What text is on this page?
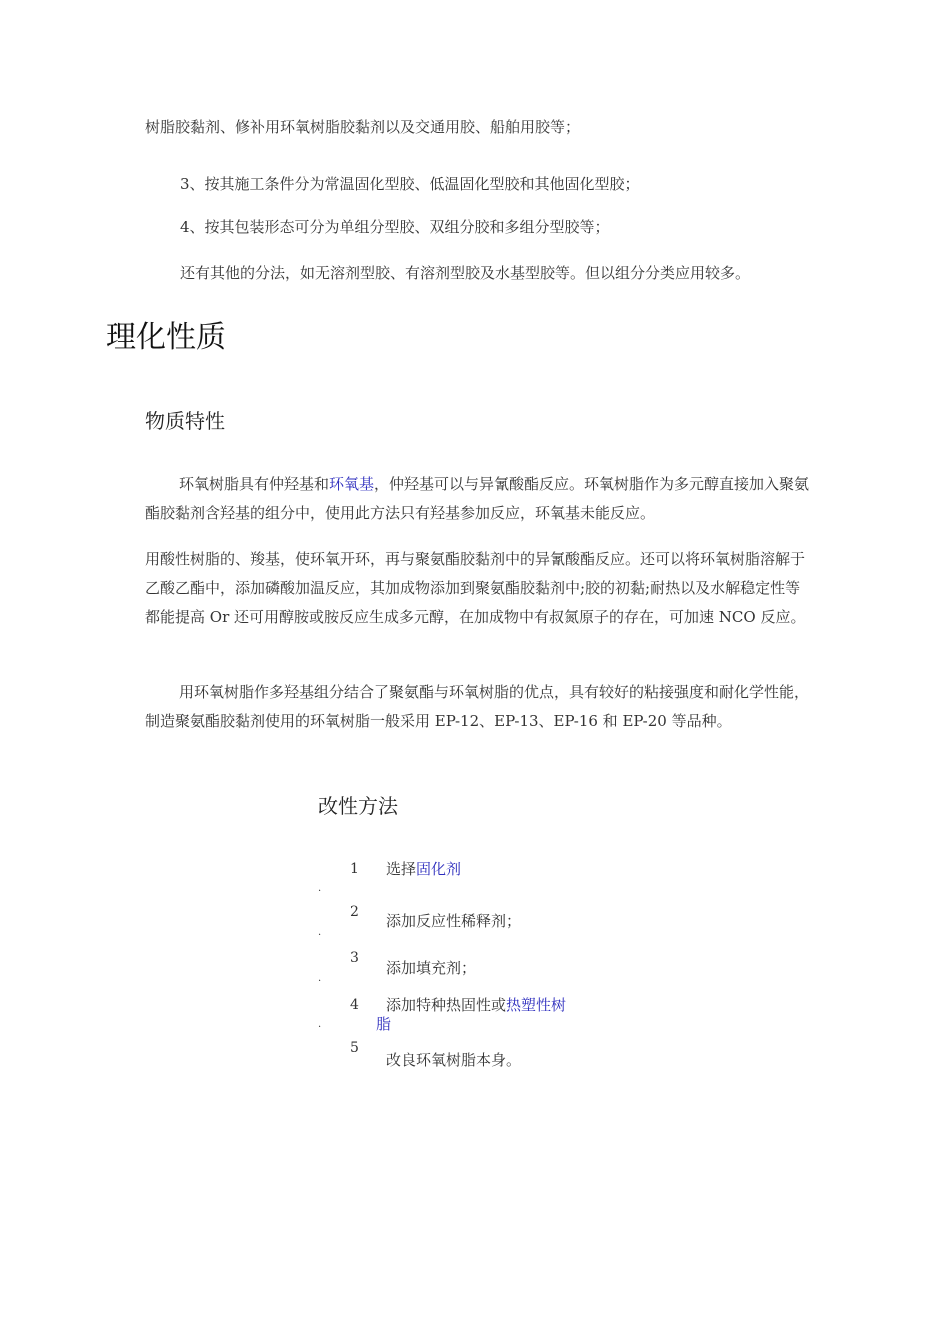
树脂胶黏剂、修补用环氧树脂胶黏剂以及交通用胶、船舶用胶等；
3、按其施工条件分为常温固化型胶、低温固化型胶和其他固化型胶；
4、按其包装形态可分为单组分型胶、双组分胶和多组分型胶等；
还有其他的分法，如无溶剂型胶、有溶剂型胶及水基型胶等。但以组分分类应用较多。
理化性质
物质特性
环氧树脂具有仲羟基和环氧基，仲羟基可以与异氰酸酯反应。环氧树脂作为多元醇直接加入聚氨酯胶黏剂含羟基的组分中，使用此方法只有羟基参加反应，环氧基未能反应。
用酸性树脂的、羧基，使环氧开环，再与聚氨酯胶黏剂中的异氰酸酯反应。还可以将环氧树脂溶解于乙酸乙酯中，添加磷酸加温反应，其加成物添加到聚氨酯胶黏剂中;胶的初黏;耐热以及水解稳定性等都能提高 Or 还可用醇胺或胺反应生成多元醇，在加成物中有叔氮原子的存在，可加速 NCO 反应。
用环氧树脂作多羟基组分结合了聚氨酯与环氧树脂的优点，具有较好的粘接强度和耐化学性能，制造聚氨酯胶黏剂使用的环氧树脂一般采用 EP-12、EP-13、EP-16 和 EP-20 等品种。
改性方法
1
.
选择固化剂
2
.
添加反应性稀释剂；
3
.
添加填充剂；
4
.
添加特种热固性或热塑性树
脂
5
改良环氧树脂本身。
